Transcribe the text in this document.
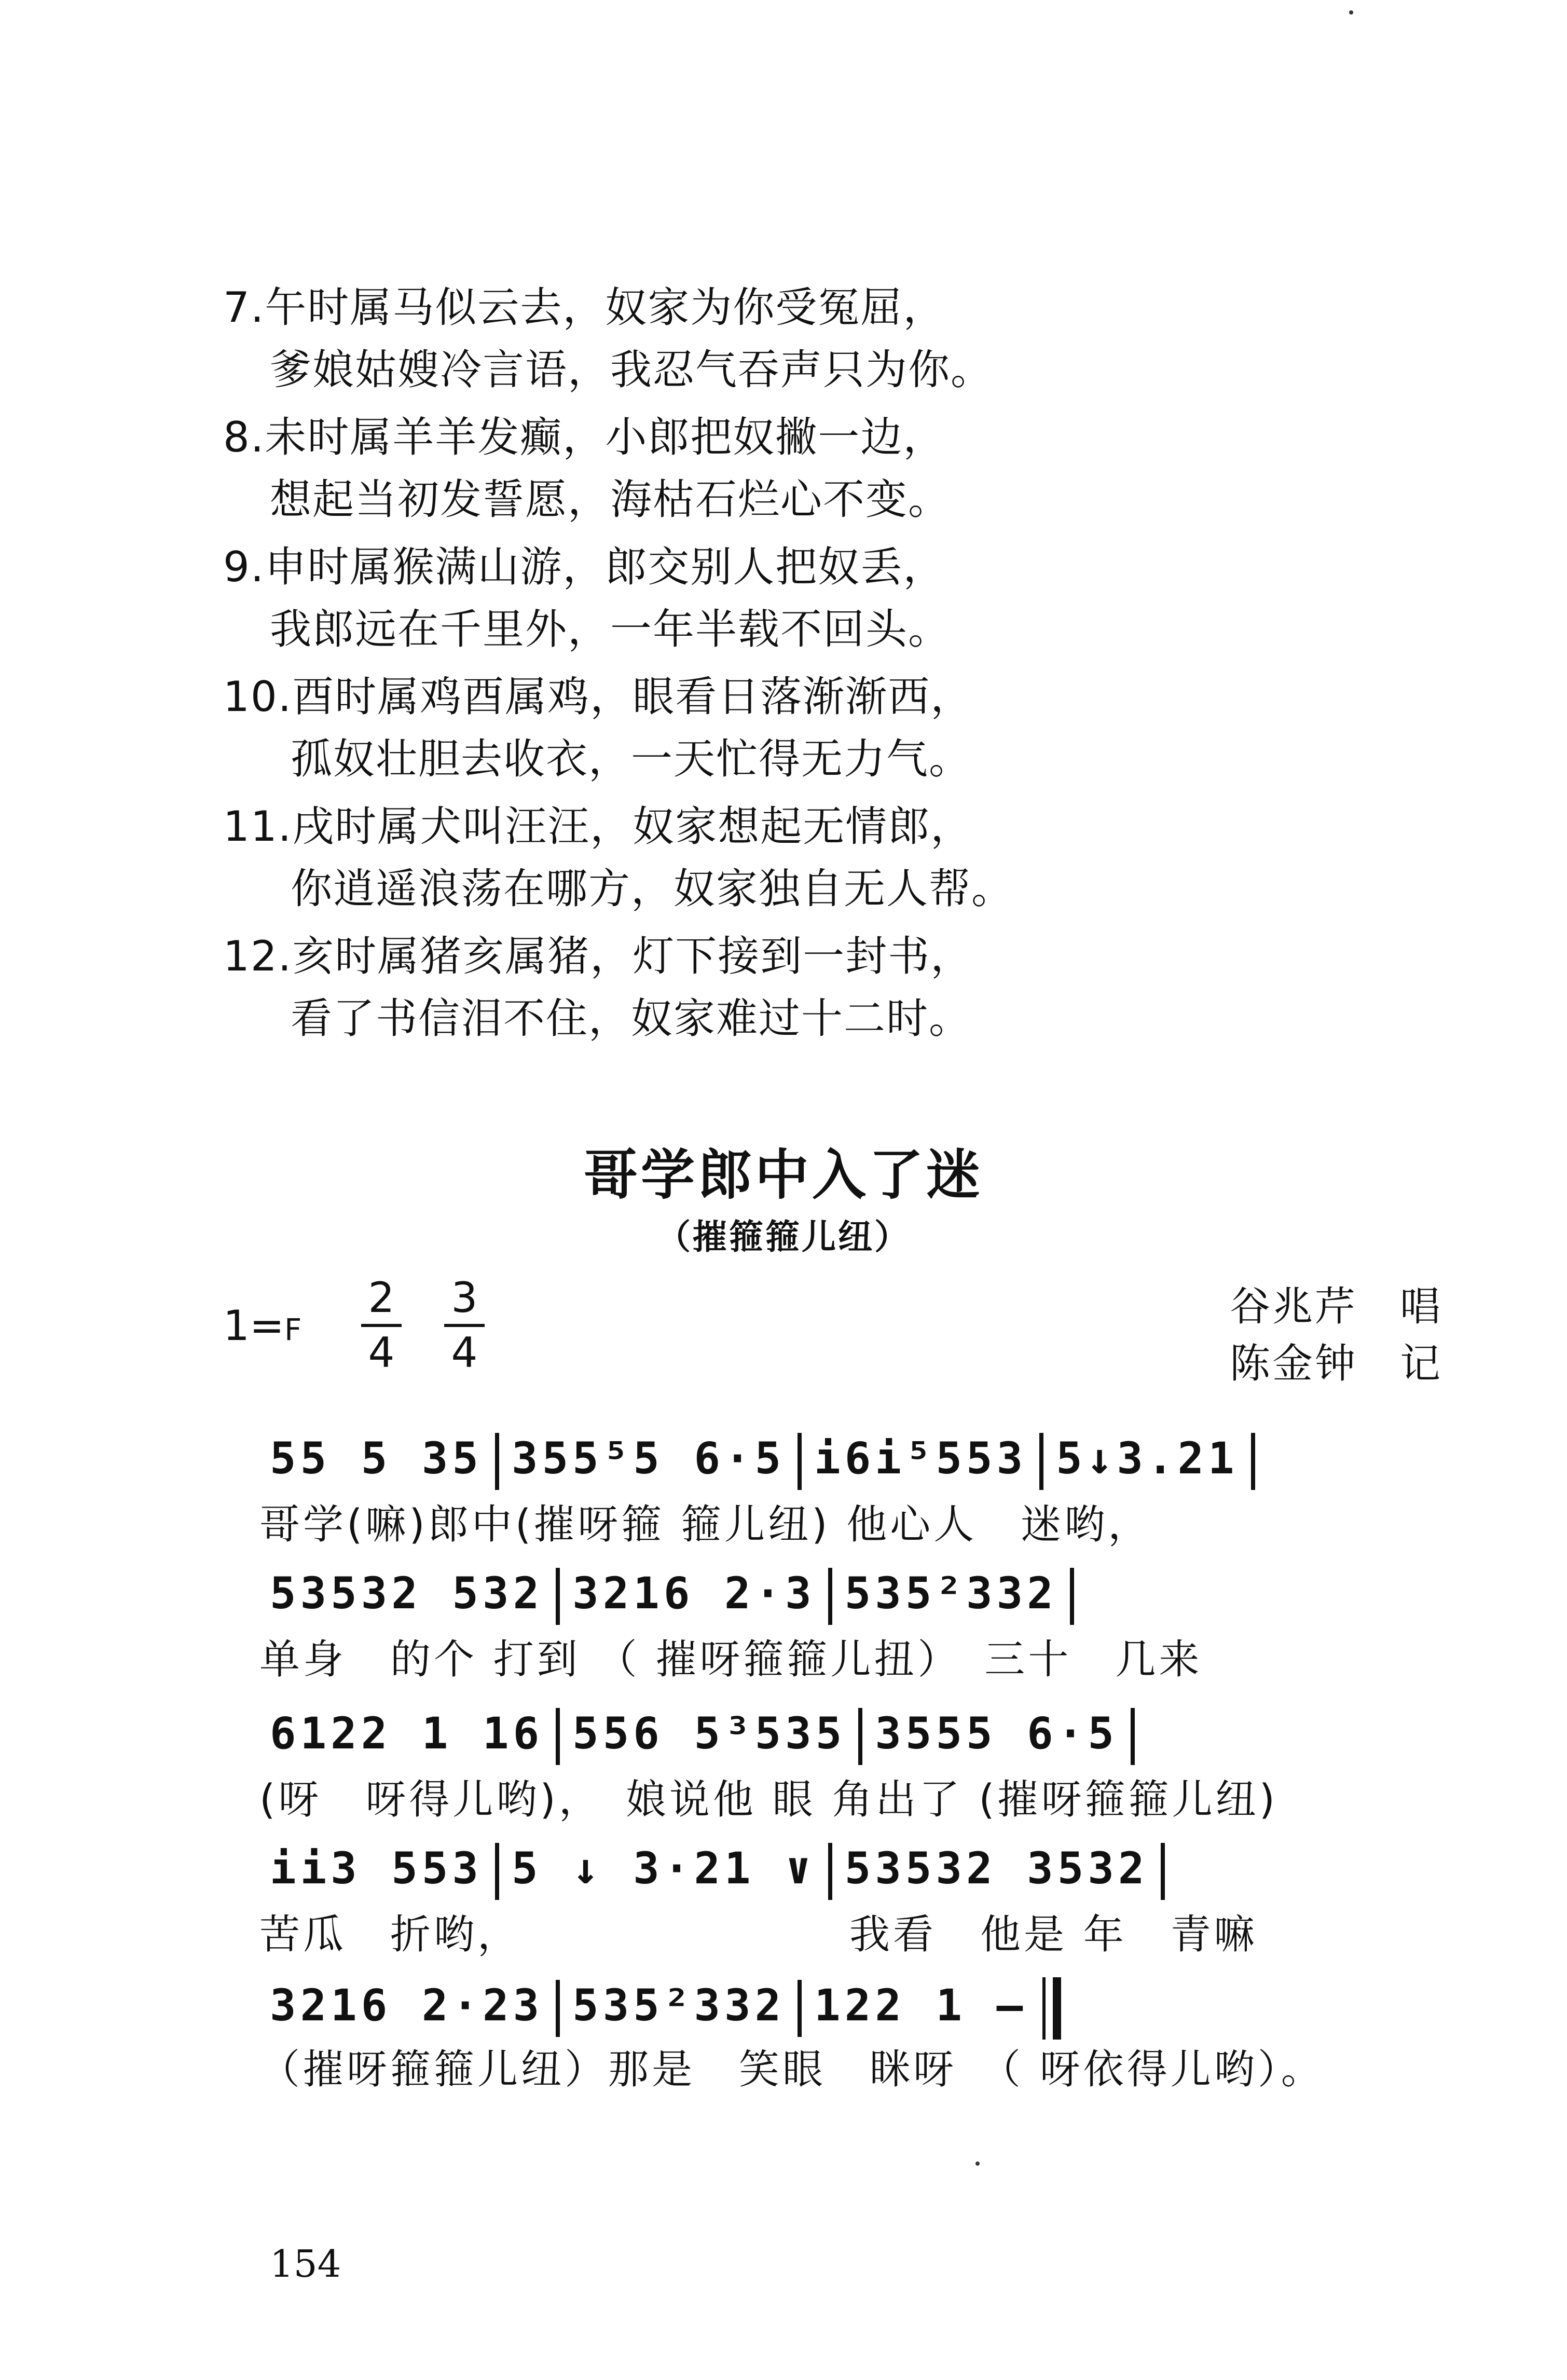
7.午时属马似云去，奴家为你受冤屈，
爹娘姑嫂冷言语，我忍气吞声只为你。
8.未时属羊羊发癫，小郎把奴撇一边，
想起当初发誓愿，海枯石烂心不变。
9.申时属猴满山游，郎交别人把奴丢，
我郎远在千里外，一年半载不回头。
10.酉时属鸡酉属鸡，眼看日落渐渐西，
孤奴壮胆去收衣，一天忙得无力气。
11.戌时属犬叫汪汪，奴家想起无情郎，
你逍遥浪荡在哪方，奴家独自无人帮。
12.亥时属猪亥属猪，灯下接到一封书，
看了书信泪不住，奴家难过十二时。
哥学郎中入了迷
（摧箍箍儿纽）
1=F
2
4
3
4
谷兆芹　 唱
陈金钟　 记
55 5 35 355⁵5 6·5 i6i⁵553 5↓3.21
哥学(嘛)郎中(摧呀箍 箍儿纽) 他心人　迷哟，
53532 532 3216 2·3 535²332
单身　的个 打到 （ 摧呀箍箍儿扭）　三十　几来
6122 1 16 556 5³535 3555 6·5
(呀　呀得儿哟)，　娘说他 眼 角出了 (摧呀箍箍儿纽)
ii3 553 5 ↓ 3·21 ∨ 53532 3532
苦瓜　折哟，　　　　　　　　我看　他是 年　青嘛
3216 2·23 535²332 122 1 –
（摧呀箍箍儿纽）那是　笑眼　眯呀　（ 呀依得儿哟）。
154
